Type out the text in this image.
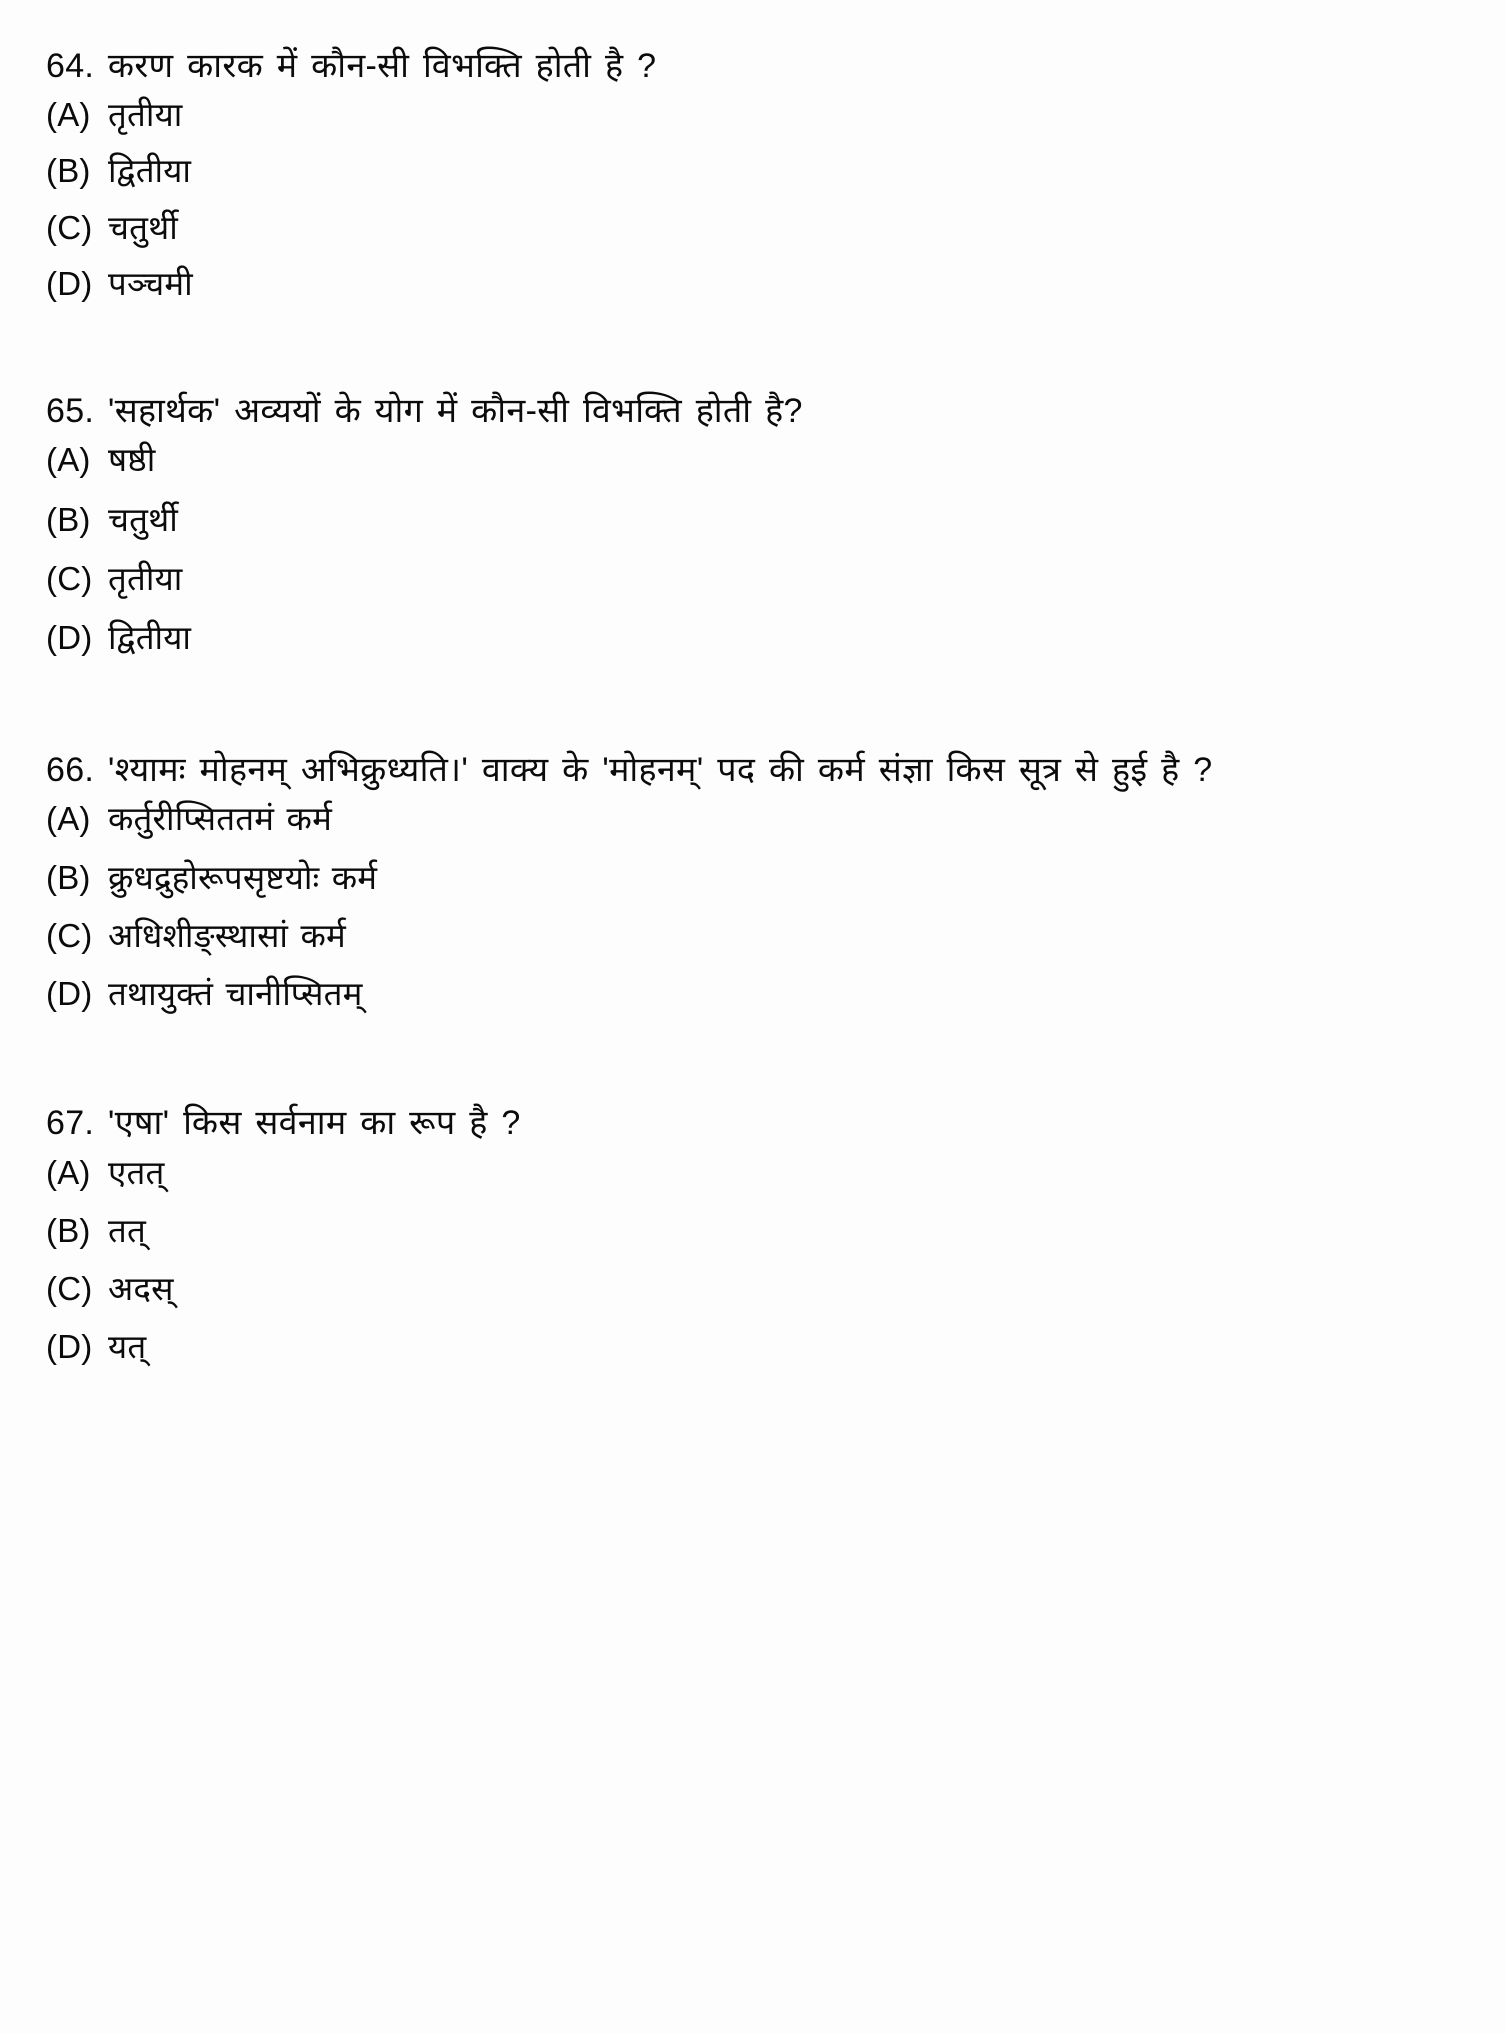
64. करण कारक में कौन-सी विभक्ति होती है ?

(A) तृतीया
(B) द्वितीया
(C) चतुर्थी
(D) पञ्चमी

65. 'सहार्थक' अव्ययों के योग में कौन-सी विभक्ति होती है?

(A) षष्ठी
(B) चतुर्थी
(C) तृतीया
(D) द्वितीया

66. 'श्यामः मोहनम् अभिक्रुध्यति।' वाक्य के 'मोहनम्' पद की कर्म संज्ञा किस सूत्र से हुई है ?

(A) कर्तुरीप्सिततमं कर्म
(B) क्रुधद्रुहोरूपसृष्टयोः कर्म
(C) अधिशीङ्स्थासां कर्म
(D) तथायुक्तं चानीप्सितम्

67. 'एषा' किस सर्वनाम का रूप है ?

(A) एतत्
(B) तत्
(C) अदस्
(D) यत्
